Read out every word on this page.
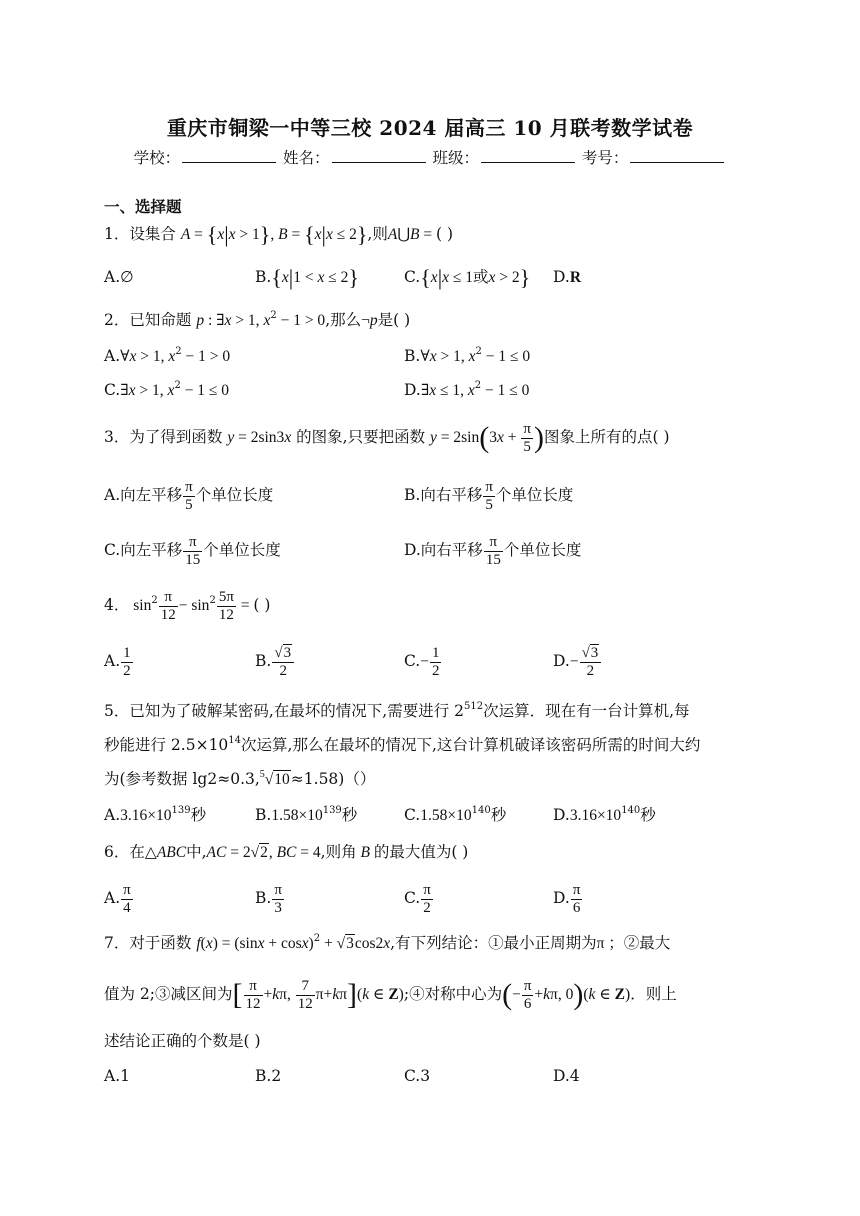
重庆市铜梁一中等三校 2024 届高三 10 月联考数学试卷
学校：	姓名：	班级：	考号：
一、选择题
1．设集合 A = {x|x > 1}, B = {x|x ≤ 2},则A⋃B = ( )
A.∅	B.{x|1 < x ≤ 2}	C.{x|x ≤ 1或x > 2} D.R
2．已知命题 p : ∃x > 1, $x^2 - 1 > 0$,那么¬p是( )
A.∀x > 1, $x^2 - 1 > 0$	B.∀x > 1, $x^2 - 1 \le 0$
C.∃x > 1, $x^2 - 1 \le 0$	D.∃x ≤ 1, $x^2 - 1 \le 0$
3．为了得到函数 y = 2sin3x 的图象,只要把函数 $y = 2\sin(3x + \frac{\pi}{5}$ )图象上所有的点( )
A.向左平移 $\frac{\pi}{5}$ 个单位长度	B.向右平移 $\frac{\pi}{5}$ 个单位长度
C.向左平移 $\frac{\pi}{15}$ 个单位长度	D.向右平移 $\frac{\pi}{15}$ 个单位长度
4． $\sin^2 \frac{\pi}{12} - \sin^2 \frac{5\pi}{12}$ = ( )
A. $\frac{1}{2}$	B. $\frac{√3}{2}$	$C.- \frac{1}{2}$	$D.- \frac{√3}{2}$
5．已知为了破解某密码,在最坏的情况下,需要进行 $2^{512}$次运算．现在有一台计算机,每
秒能进行 $2.5\times 10^{14}$次运算,那么在最坏的情况下,这台计算机破译该密码所需的时间大约
为(参考数据 lg2≈0.3,$^5$√10≈1.58)（）
$A.3.16\times 10^{139}$秒	$B.1.58\times 10^{139}$秒	$C.1.58\times 10^{140}$秒	$D.3.16\times 10^{140}$秒
6．在△ABC中,AC = 2√2, BC = 4,则角 B 的最大值为( )
A. $\frac{\pi}{4}$	B. $\frac{\pi}{3}$	C. $\frac{\pi}{2}$	D. $\frac{\pi}{6}$
7．对于函数 $f(x) = (\sin x + \cos x)^2 + √3\cos 2x$,有下列结论：①最小正周期为π ；②最大
值为 2;③减区间为[ $\frac{\pi}{12} +k\pi$, $\frac{7}{12} \pi+k\pi](k$ ∈ Z);④对称中心为(− $\frac{\pi}{6} +k\pi$, 0)(k ∈ Z)．则上
述结论正确的个数是( )
A.1	B.2	C.3	D.4
